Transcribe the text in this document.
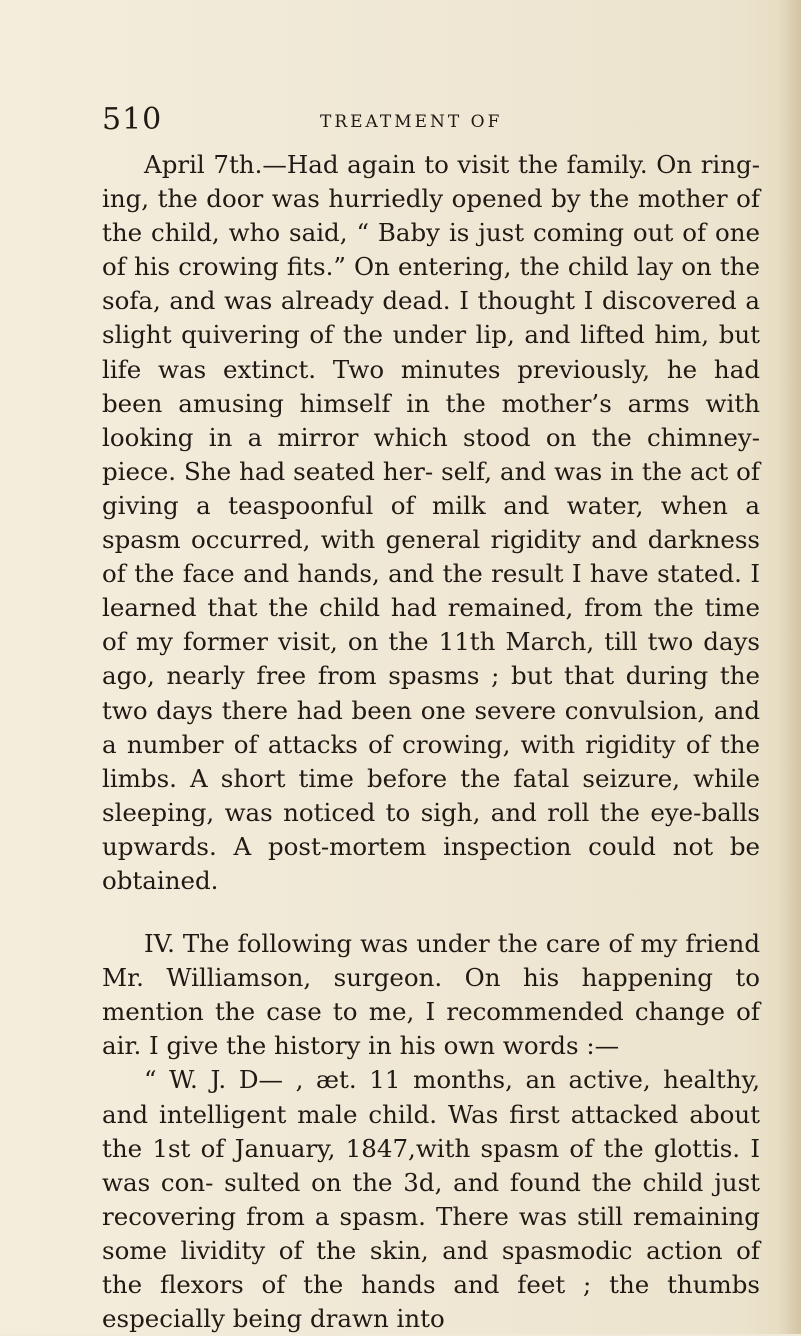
510	TREATMENT OF

April 7th.—Had again to visit the family. On ring- ing, the door was hurriedly opened by the mother of the child, who said, “ Baby is just coming out of one of his crowing fits.” On entering, the child lay on the sofa, and was already dead. I thought I discovered a slight quivering of the under lip, and lifted him, but life was extinct. Two minutes previously, he had been amusing himself in the mother’s arms with looking in a mirror which stood on the chimney-piece. She had seated her- self, and was in the act of giving a teaspoonful of milk and water, when a spasm occurred, with general rigidity and darkness of the face and hands, and the result I have stated. I learned that the child had remained, from the time of my former visit, on the 11th March, till two days ago, nearly free from spasms ; but that during the two days there had been one severe convulsion, and a number of attacks of crowing, with rigidity of the limbs. A short time before the fatal seizure, while sleeping, was noticed to sigh, and roll the eye-balls upwards. A post-mortem inspection could not be obtained.

IV. The following was under the care of my friend Mr. Williamson, surgeon. On his happening to mention the case to me, I recommended change of air. I give the history in his own words :—

“ W. J. D— , æt. 11 months, an active, healthy, and intelligent male child. Was first attacked about the 1st of January, 1847,with spasm of the glottis. I was con- sulted on the 3d, and found the child just recovering from a spasm. There was still remaining some lividity of the skin, and spasmodic action of the flexors of the hands and feet ; the thumbs especially being drawn into
